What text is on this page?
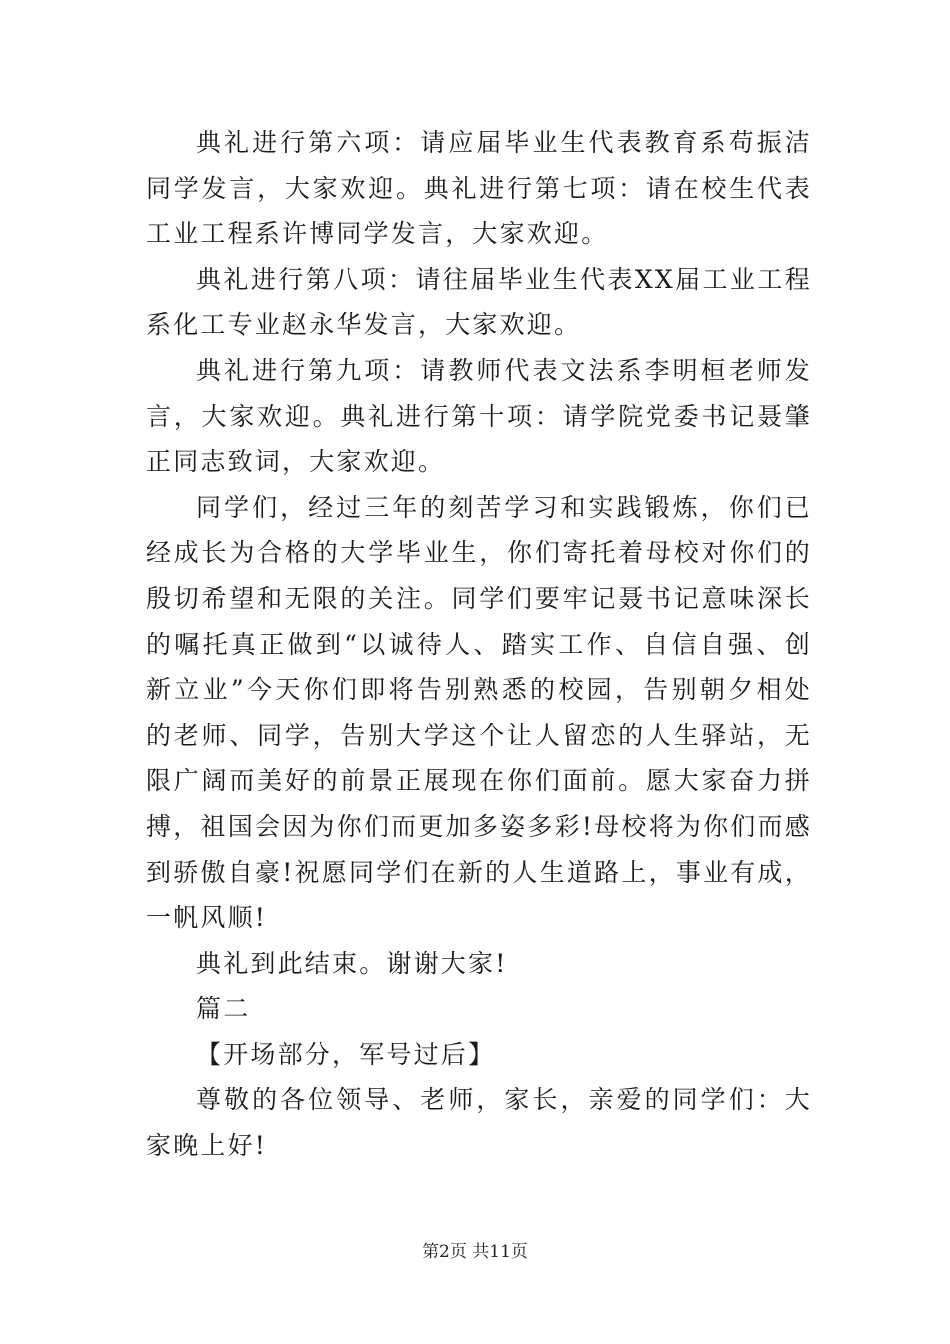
典礼进行第六项：请应届毕业生代表教育系苟振洁同学发言，大家欢迎。典礼进行第七项：请在校生代表工业工程系许博同学发言，大家欢迎。

典礼进行第八项：请往届毕业生代表XX届工业工程系化工专业赵永华发言，大家欢迎。

典礼进行第九项：请教师代表文法系李明桓老师发言，大家欢迎。典礼进行第十项：请学院党委书记聂肇正同志致词，大家欢迎。

同学们，经过三年的刻苦学习和实践锻炼，你们已经成长为合格的大学毕业生，你们寄托着母校对你们的殷切希望和无限的关注。同学们要牢记聂书记意味深长的嘱托真正做到“以诚待人、踏实工作、自信自强、创新立业”今天你们即将告别熟悉的校园，告别朝夕相处的老师、同学，告别大学这个让人留恋的人生驿站，无限广阔而美好的前景正展现在你们面前。愿大家奋力拼搏，祖国会因为你们而更加多姿多彩!母校将为你们而感到骄傲自豪!祝愿同学们在新的人生道路上，事业有成，一帆风顺!

典礼到此结束。谢谢大家!

篇二

【开场部分，军号过后】

尊敬的各位领导、老师，家长，亲爱的同学们：大家晚上好!

第2页 共11页
